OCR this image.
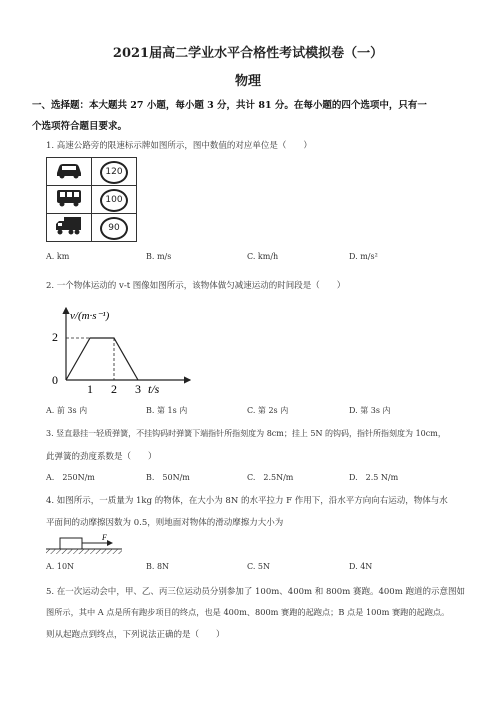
2021届高二学业水平合格性考试模拟卷（一）
物理
一、选择题：本大题共 27 小题，每小题 3 分，共计 81 分。在每小题的四个选项中，只有一
个选项符合题目要求。
1. 高速公路旁的限速标示牌如图所示，图中数值的对应单位是（　　）
	120
	100
	90
A. km	B. m/s	C. km/h	D. m/s²
2. 一个物体运动的 v-t 图像如图所示，该物体做匀减速运动的时间段是（　　）
v/(m·s⁻¹)
2
0
1 2 3 t/s
A. 前 3s 内	B. 第 1s 内	C. 第 2s 内	D. 第 3s 内
3. 竖直悬挂一轻质弹簧，不挂钩码时弹簧下端指针所指刻度为 8cm；挂上 5N 的钩码，指针所指刻度为 10cm，
此弹簧的劲度系数是（　　）
A.　250N/m	B.　50N/m	C.　2.5N/m	D.　2.5 N/m
4. 如图所示，一质量为 1kg 的物体，在大小为 8N 的水平拉力 F 作用下，沿水平方向向右运动，物体与水
平面间的动摩擦因数为 0.5，则地面对物体的滑动摩擦力大小为
F
A. 10N	B. 8N	C. 5N	D. 4N
5. 在一次运动会中，甲、乙、丙三位运动员分别参加了 100m、400m 和 800m 赛跑。400m 跑道的示意图如
图所示，其中 A 点是所有跑步项目的终点，也是 400m、800m 赛跑的起跑点；B 点是 100m 赛跑的起跑点。
则从起跑点到终点，下列说法正确的是（　　）
